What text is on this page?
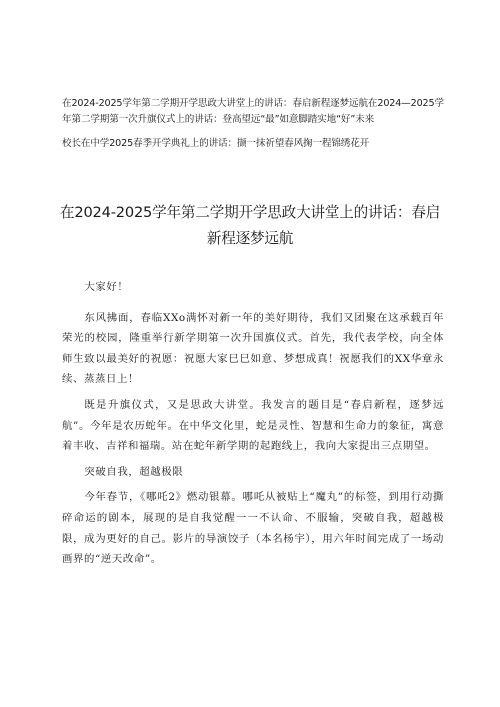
在2024-2025学年第二学期开学思政大讲堂上的讲话：春启新程逐梦远航在2024—2025学年第二学期第一次升旗仪式上的讲话：登高望远“最”如意脚踏实地“好”未来
校长在中学2025春季开学典礼上的讲话：撷一抹祈望春风掬一程锦绣花开
在2024-2025学年第二学期开学思政大讲堂上的讲话：春启
新程逐梦远航

大家好！

东风拂面，春临XXo满怀对新一年的美好期待，我们又团聚在这承载百年荣光的校园，隆重举行新学期第一次升国旗仪式。首先，我代表学校，向全体师生致以最美好的祝愿：祝愿大家巳巳如意、梦想成真！祝愿我们的XX华章永续、蒸蒸日上！

既是升旗仪式，又是思政大讲堂。我发言的题目是“春启新程，逐梦远航”。今年是农历蛇年。在中华文化里，蛇是灵性、智慧和生命力的象征，寓意着丰收、吉祥和福瑞。站在蛇年新学期的起跑线上，我向大家提出三点期望。

突破自我，超越极限

今年春节，《哪吒2》燃动银幕。哪吒从被贴上“魔丸”的标签，到用行动撕碎命运的剧本，展现的是自我觉醒一一不认命、不服输，突破自我，超越极限，成为更好的自己。影片的导演饺子（本名杨宇），用六年时间完成了一场动画界的“逆天改命”。
